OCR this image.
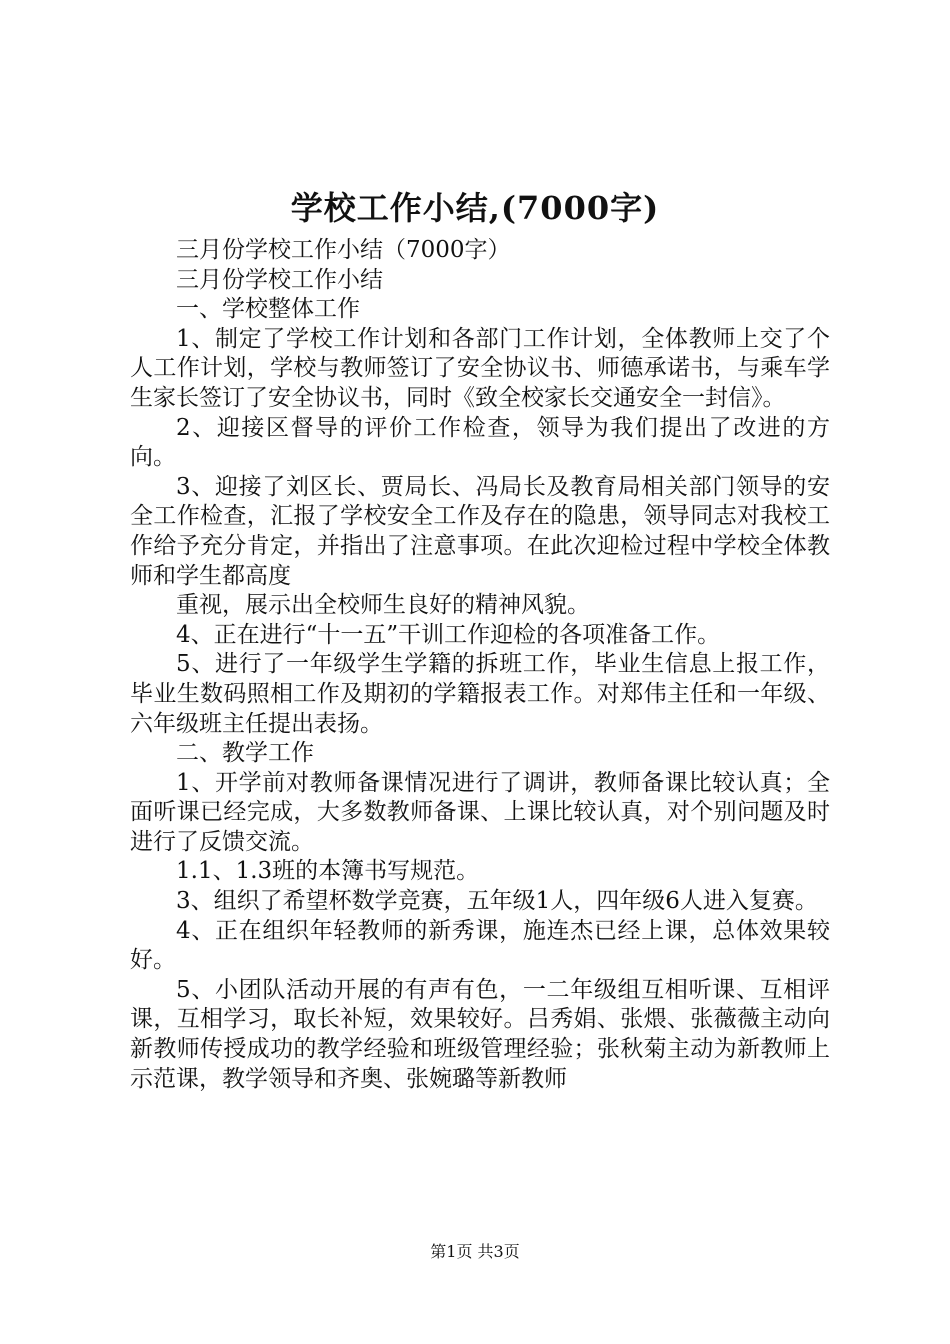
学校工作小结,(7000字)

三月份学校工作小结（7000字）

三月份学校工作小结

一、学校整体工作

1、制定了学校工作计划和各部门工作计划，全体教师上交了个人工作计划，学校与教师签订了安全协议书、师德承诺书，与乘车学生家长签订了安全协议书，同时《致全校家长交通安全一封信》。

2、迎接区督导的评价工作检查，领导为我们提出了改进的方向。

3、迎接了刘区长、贾局长、冯局长及教育局相关部门领导的安全工作检查，汇报了学校安全工作及存在的隐患，领导同志对我校工作给予充分肯定，并指出了注意事项。在此次迎检过程中学校全体教师和学生都高度

重视，展示出全校师生良好的精神风貌。

4、正在进行“十一五”干训工作迎检的各项准备工作。

5、进行了一年级学生学籍的拆班工作，毕业生信息上报工作，毕业生数码照相工作及期初的学籍报表工作。对郑伟主任和一年级、六年级班主任提出表扬。

二、教学工作

1、开学前对教师备课情况进行了调讲，教师备课比较认真；全面听课已经完成，大多数教师备课、上课比较认真，对个别问题及时进行了反馈交流。

1.1、1.3班的本簿书写规范。

3、组织了希望杯数学竞赛，五年级1人，四年级6人进入复赛。

4、正在组织年轻教师的新秀课，施连杰已经上课，总体效果较好。

5、小团队活动开展的有声有色，一二年级组互相听课、互相评课，互相学习，取长补短，效果较好。吕秀娟、张煨、张薇薇主动向新教师传授成功的教学经验和班级管理经验；张秋菊主动为新教师上示范课，教学领导和齐奥、张婉璐等新教师

第1页 共3页
